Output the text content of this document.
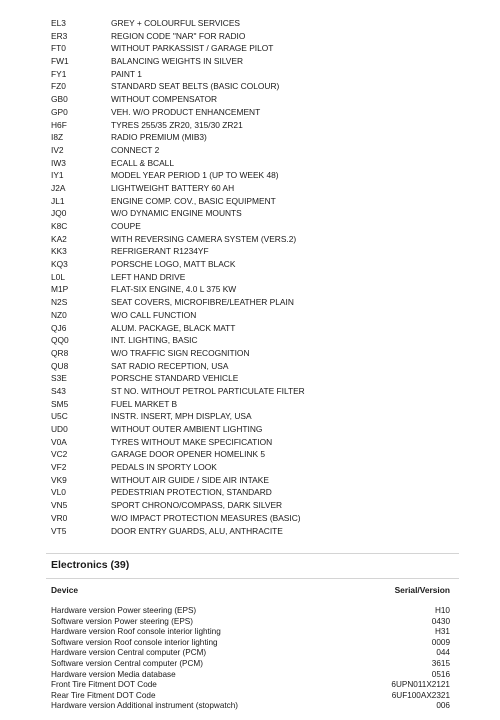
EL3	GREY + COLOURFUL SERVICES
ER3	REGION CODE "NAR" FOR RADIO
FT0	WITHOUT PARKASSIST / GARAGE PILOT
FW1	BALANCING WEIGHTS IN SILVER
FY1	PAINT 1
FZ0	STANDARD SEAT BELTS (BASIC COLOUR)
GB0	WITHOUT COMPENSATOR
GP0	VEH. W/O PRODUCT ENHANCEMENT
H6F	TYRES 255/35 ZR20, 315/30 ZR21
I8Z	RADIO PREMIUM (MIB3)
IV2	CONNECT 2
IW3	ECALL & BCALL
IY1	MODEL YEAR PERIOD 1 (UP TO WEEK 48)
J2A	LIGHTWEIGHT BATTERY 60 AH
JL1	ENGINE COMP. COV., BASIC EQUIPMENT
JQ0	W/O DYNAMIC ENGINE MOUNTS
K8C	COUPE
KA2	WITH REVERSING CAMERA SYSTEM (VERS.2)
KK3	REFRIGERANT R1234YF
KQ3	PORSCHE LOGO, MATT BLACK
L0L	LEFT HAND DRIVE
M1P	FLAT-SIX ENGINE, 4.0 L 375 KW
N2S	SEAT COVERS, MICROFIBRE/LEATHER PLAIN
NZ0	W/O CALL FUNCTION
QJ6	ALUM. PACKAGE, BLACK MATT
QQ0	INT. LIGHTING, BASIC
QR8	W/O TRAFFIC SIGN RECOGNITION
QU8	SAT RADIO RECEPTION, USA
S3E	PORSCHE STANDARD VEHICLE
S43	ST NO. WITHOUT PETROL PARTICULATE FILTER
SM5	FUEL MARKET B
U5C	INSTR. INSERT, MPH DISPLAY, USA
UD0	WITHOUT OUTER AMBIENT LIGHTING
V0A	TYRES WITHOUT MAKE SPECIFICATION
VC2	GARAGE DOOR OPENER HOMELINK 5
VF2	PEDALS IN SPORTY LOOK
VK9	WITHOUT AIR GUIDE / SIDE AIR INTAKE
VL0	PEDESTRIAN PROTECTION, STANDARD
VN5	SPORT CHRONO/COMPASS, DARK SILVER
VR0	W/O IMPACT PROTECTION MEASURES (BASIC)
VT5	DOOR ENTRY GUARDS, ALU, ANTHRACITE
Electronics (39)
Device	Serial/Version
Hardware version Power steering (EPS)	H10
Software version Power steering (EPS)	0430
Hardware version Roof console interior lighting	H31
Software version Roof console interior lighting	0009
Hardware version Central computer (PCM)	044
Software version Central computer (PCM)	3615
Hardware version Media database	0516
Front Tire Fitment DOT Code	6UPN011X2121
Rear Tire Fitment DOT Code	6UF100AX2321
Hardware version Additional instrument (stopwatch)	006
